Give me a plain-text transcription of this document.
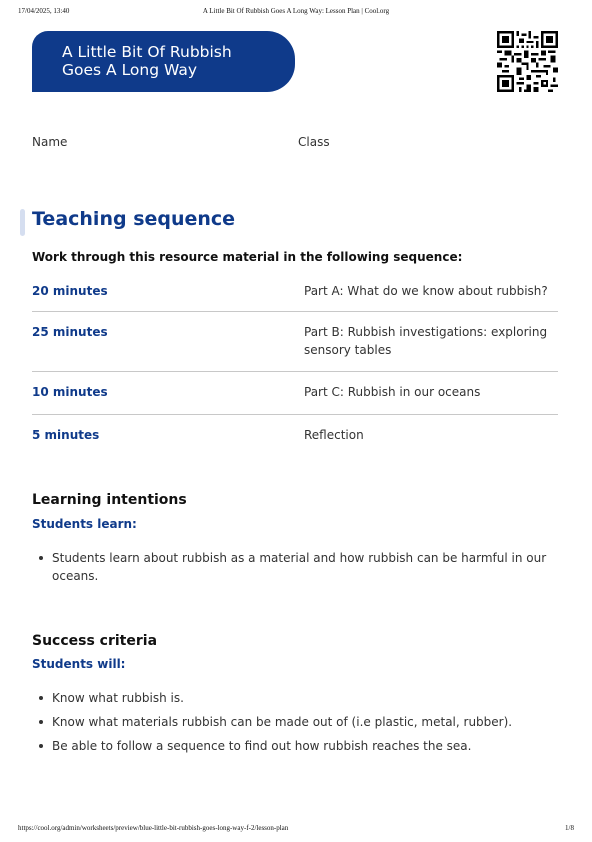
17/04/2025, 13:40	A Little Bit Of Rubbish Goes A Long Way: Lesson Plan | Cool.org
A Little Bit Of Rubbish
Goes A Long Way
Name	Class
Teaching sequence
Work through this resource material in the following sequence:
20 minutes	Part A: What do we know about rubbish?
25 minutes	Part B: Rubbish investigations: exploring sensory tables
10 minutes	Part C: Rubbish in our oceans
5 minutes	Reflection
Learning intentions
Students learn:
Students learn about rubbish as a material and how rubbish can be harmful in our oceans.
Success criteria
Students will:
Know what rubbish is.
Know what materials rubbish can be made out of (i.e plastic, metal, rubber).
Be able to follow a sequence to find out how rubbish reaches the sea.
https://cool.org/admin/worksheets/preview/blue-little-bit-rubbish-goes-long-way-f-2/lesson-plan	1/8
